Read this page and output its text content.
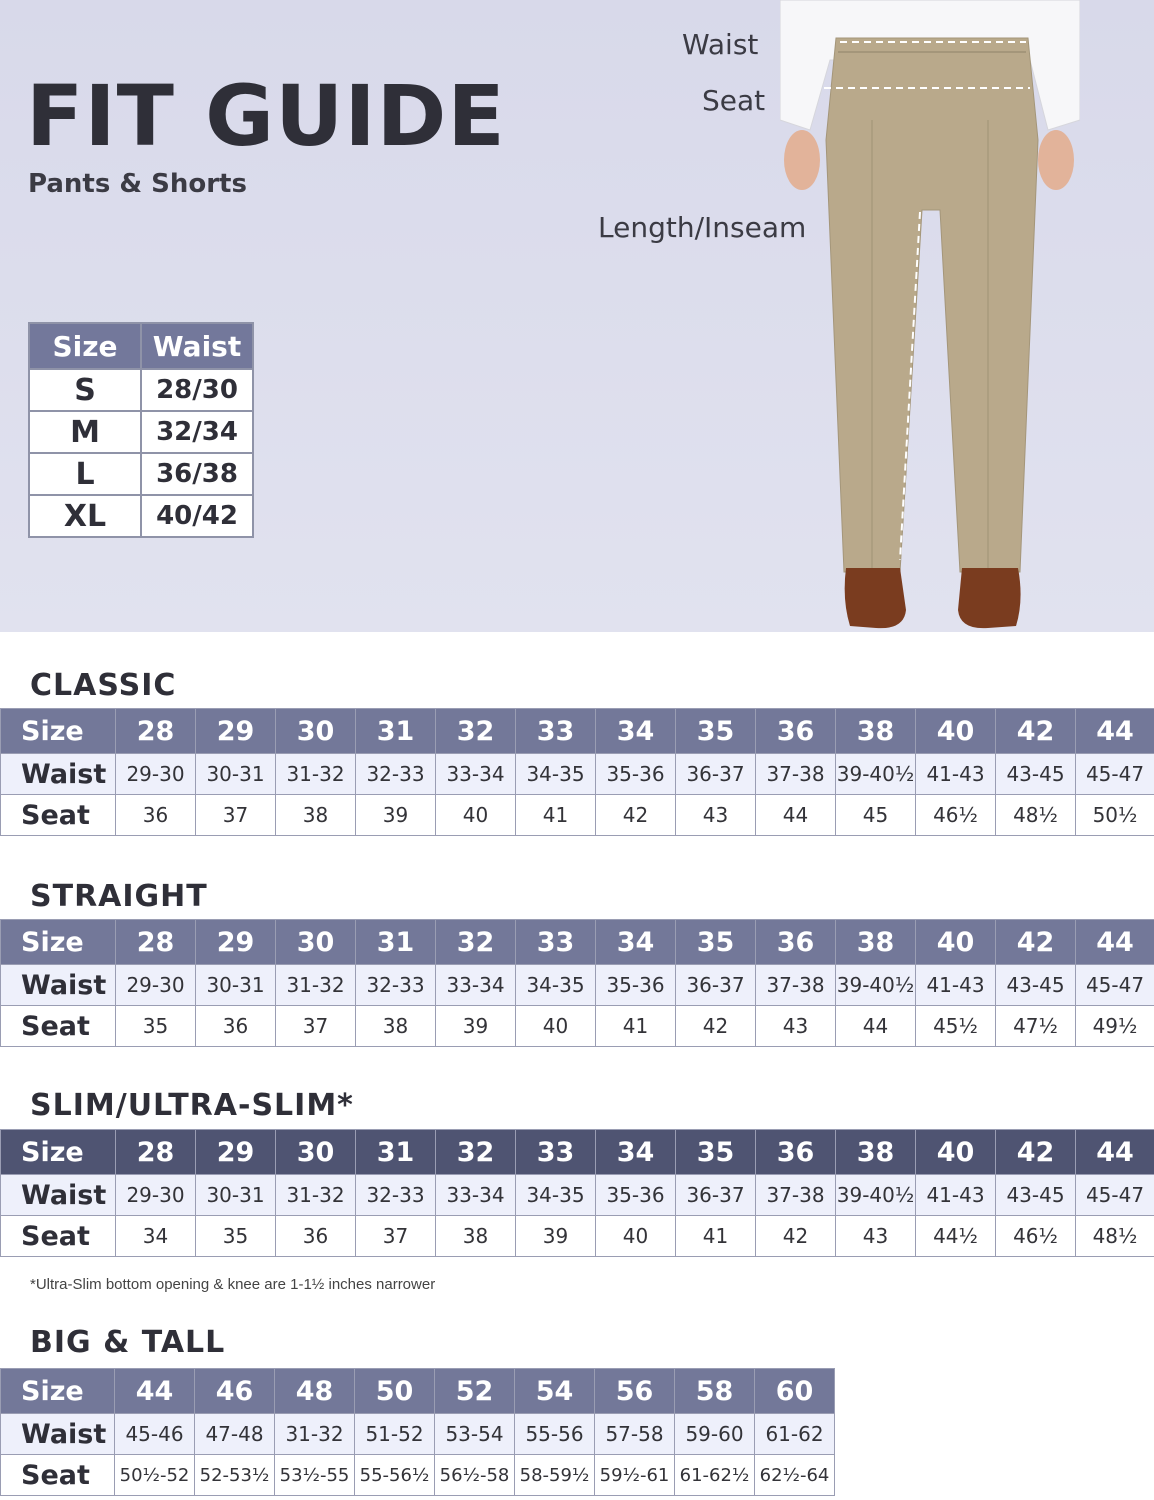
FIT GUIDE
Pants & Shorts
Size	Waist
S	28/30
M	32/34
L	36/38
XL	40/42
Waist
Seat
Length/Inseam
CLASSIC
Size	28	29	30	31	32	33	34	35	36	38	40	42	44
Waist	29-30	30-31	31-32	32-33	33-34	34-35	35-36	36-37	37-38	39-40½	41-43	43-45	45-47
Seat	36	37	38	39	40	41	42	43	44	45	46½	48½	50½
STRAIGHT
Size	28	29	30	31	32	33	34	35	36	38	40	42	44
Waist	29-30	30-31	31-32	32-33	33-34	34-35	35-36	36-37	37-38	39-40½	41-43	43-45	45-47
Seat	35	36	37	38	39	40	41	42	43	44	45½	47½	49½
SLIM/ULTRA-SLIM*
Size	28	29	30	31	32	33	34	35	36	38	40	42	44
Waist	29-30	30-31	31-32	32-33	33-34	34-35	35-36	36-37	37-38	39-40½	41-43	43-45	45-47
Seat	34	35	36	37	38	39	40	41	42	43	44½	46½	48½
*Ultra-Slim bottom opening & knee are 1-1½ inches narrower
BIG & TALL
Size	44	46	48	50	52	54	56	58	60
Waist	45-46	47-48	31-32	51-52	53-54	55-56	57-58	59-60	61-62
Seat	50½-52	52-53½	53½-55	55-56½	56½-58	58-59½	59½-61	61-62½	62½-64
